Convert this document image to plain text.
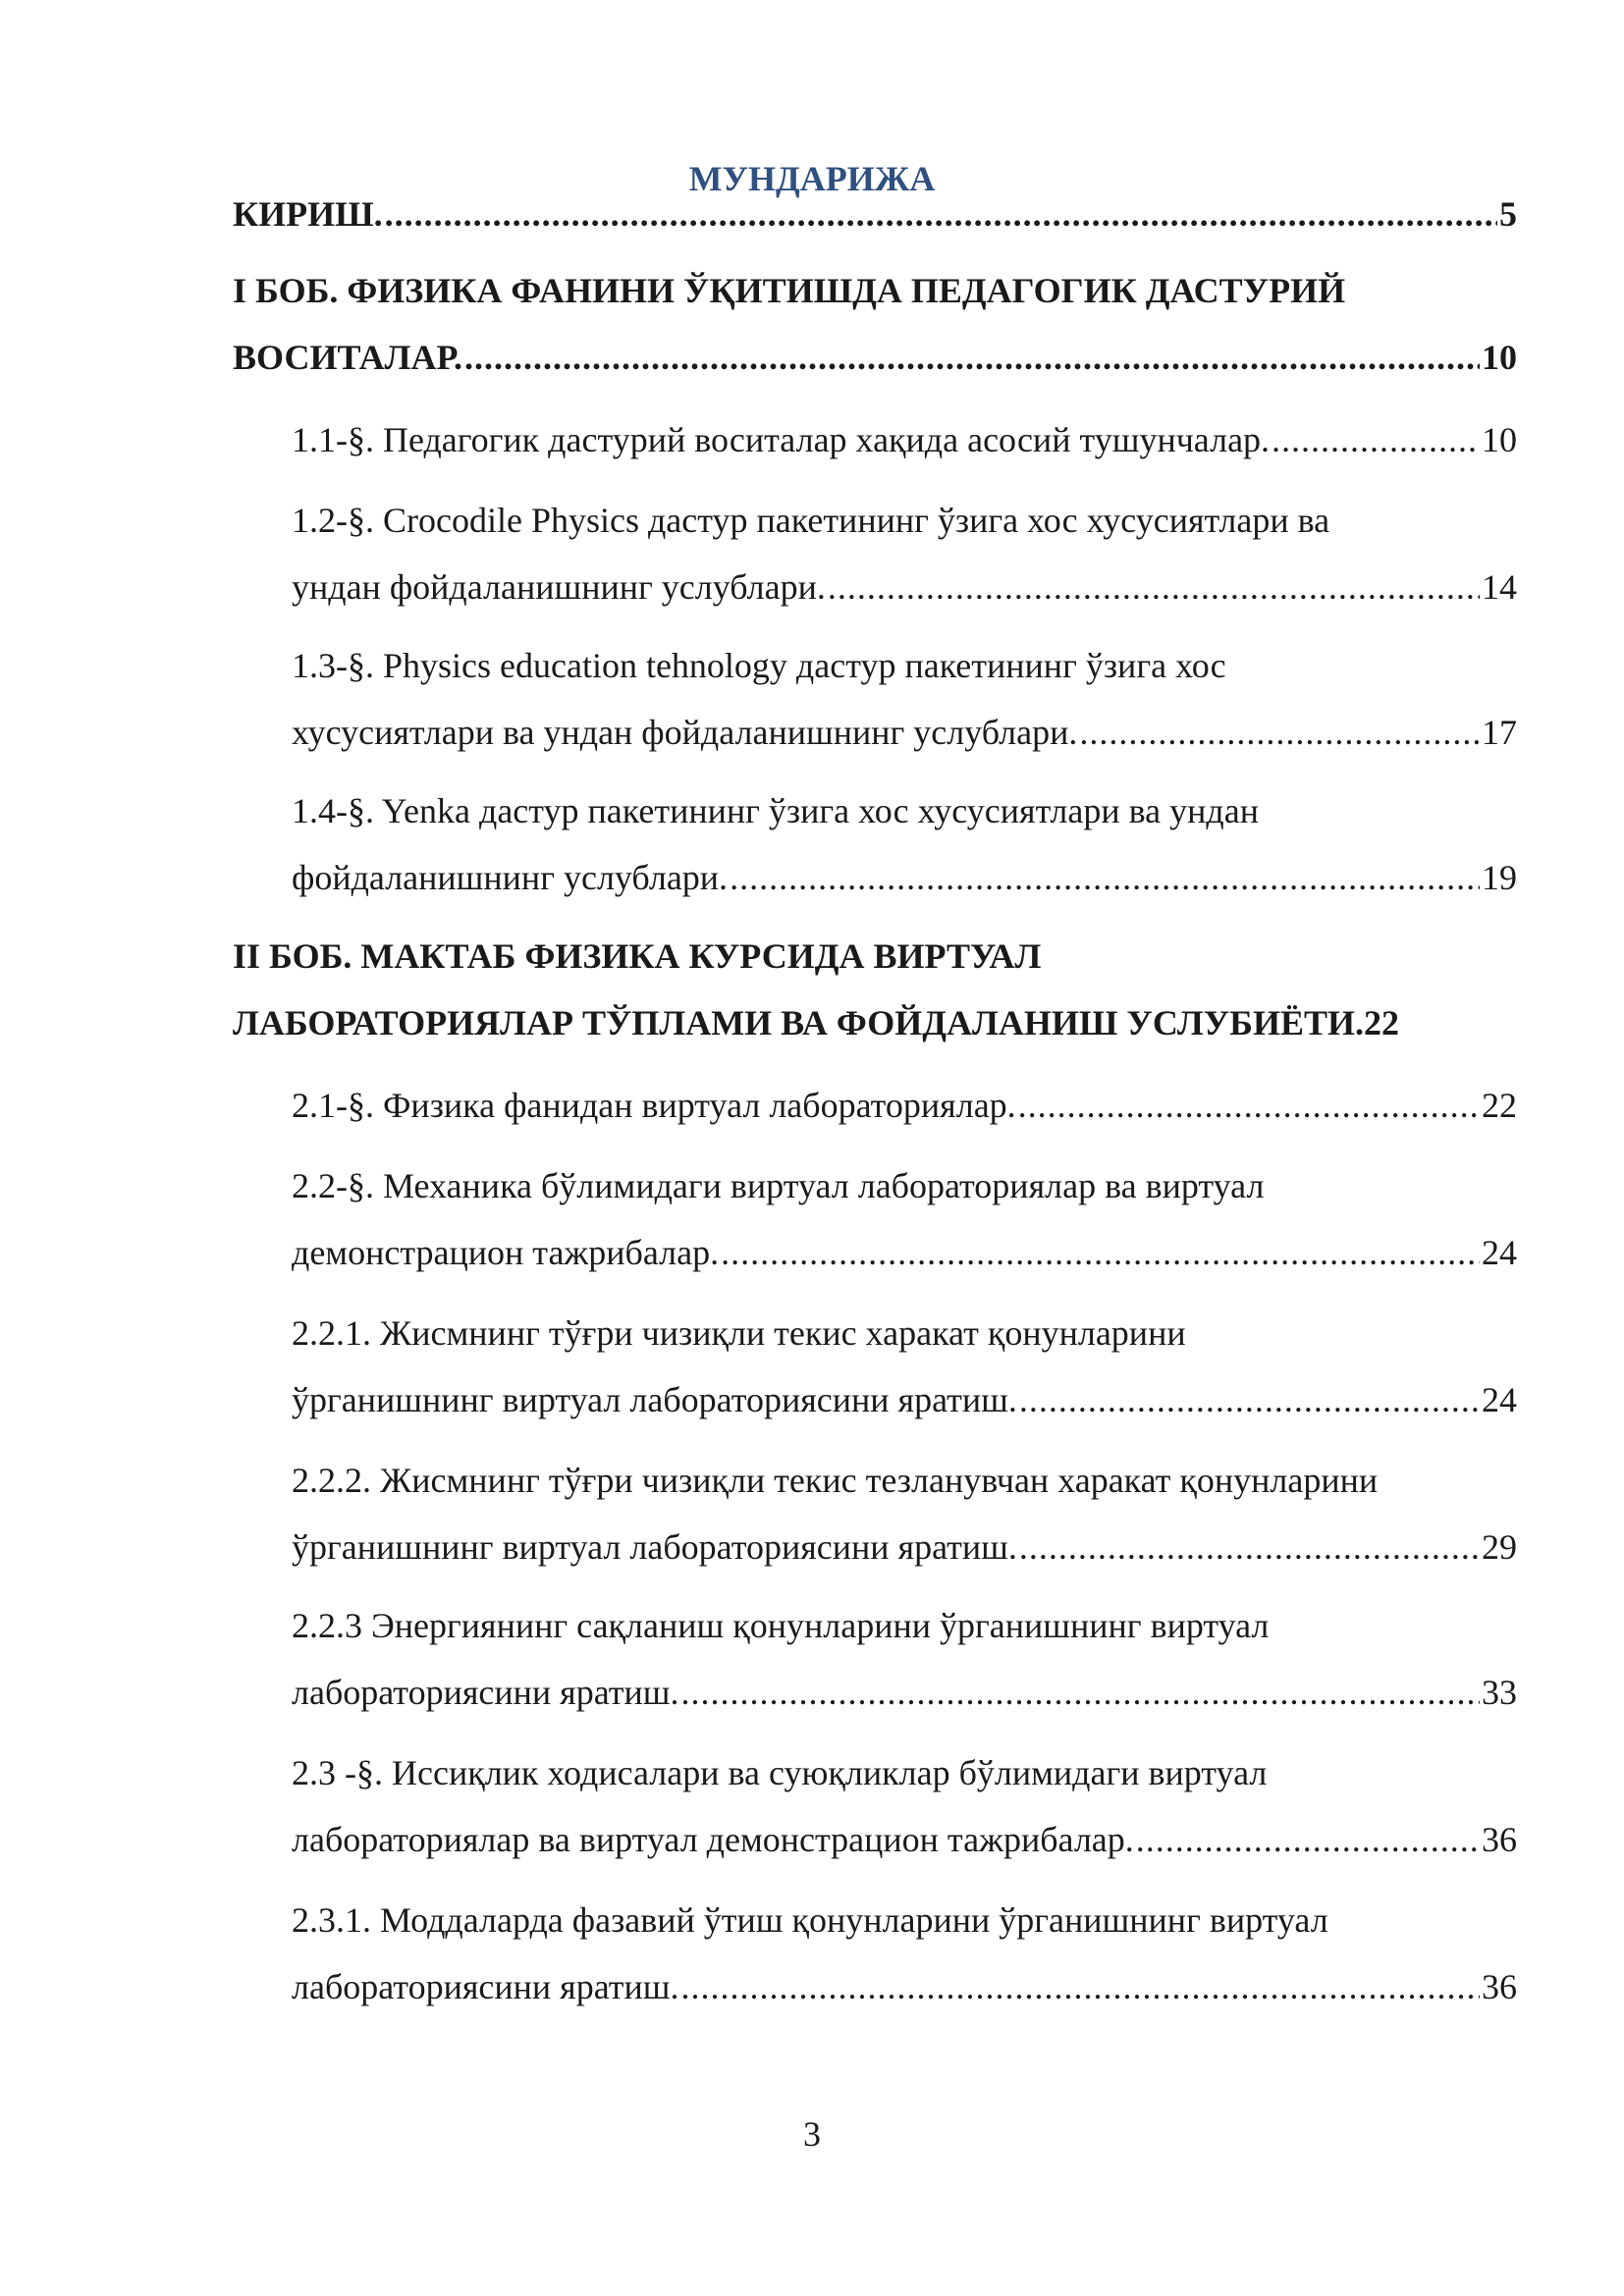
МУНДАРИЖА
КИРИШ. .....	5
I БОБ. ФИЗИКА ФАНИНИ ЎҚИТИШДА ПЕДАГОГИК ДАСТУРИЙ
ВОСИТАЛАР. .....	10
1.1-§. Педагогик дастурий воситалар хақида асосий тушунчалар. .....	10
1.2-§. Crocodile Physics дастур пакетининг ўзига хос хусусиятлари ва
ундан фойдаланишнинг услублари. .....	14
1.3-§. Physics education tehnology дастур пакетининг ўзига хос
хусусиятлари ва ундан фойдаланишнинг услублари. .....	17
1.4-§. Yenka дастур пакетининг ўзига хос хусусиятлари ва ундан
фойдаланишнинг услублари. .....	19
II БОБ. МАКТАБ ФИЗИКА КУРСИДА ВИРТУАЛ
ЛАБОРАТОРИЯЛАР ТЎПЛАМИ ВА ФОЙДАЛАНИШ УСЛУБИЁТИ. 22
2.1-§. Физика фанидан виртуал лабораториялар. .....	22
2.2-§. Механика бўлимидаги виртуал лабораториялар ва виртуал
демонстрацион тажрибалар. .....	24
2.2.1. Жисмнинг тўғри чизиқли текис харакат қонунларини
ўрганишнинг виртуал лабораториясини яратиш. .....	24
2.2.2. Жисмнинг тўғри чизиқли текис тезланувчан харакат қонунларини
ўрганишнинг виртуал лабораториясини яратиш. .....	29
2.2.3 Энергиянинг сақланиш қонунларини ўрганишнинг виртуал
лабораториясини яратиш. .....	33
2.3 -§. Иссиқлик ходисалари ва суюқликлар бўлимидаги виртуал
лабораториялар ва виртуал демонстрацион тажрибалар. .....	36
2.3.1. Моддаларда фазавий ўтиш қонунларини ўрганишнинг виртуал
лабораториясини яратиш. .....	36
3
